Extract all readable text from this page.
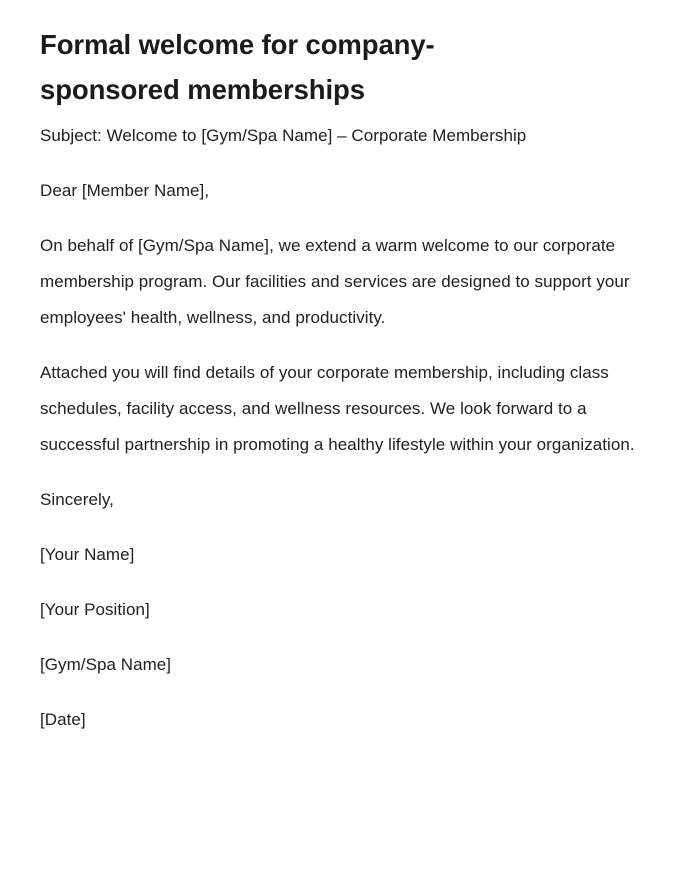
Formal welcome for company-sponsored memberships

Subject: Welcome to [Gym/Spa Name] – Corporate Membership

Dear [Member Name],

On behalf of [Gym/Spa Name], we extend a warm welcome to our corporate membership program. Our facilities and services are designed to support your employees' health, wellness, and productivity.

Attached you will find details of your corporate membership, including class schedules, facility access, and wellness resources. We look forward to a successful partnership in promoting a healthy lifestyle within your organization.

Sincerely,

[Your Name]

[Your Position]

[Gym/Spa Name]

[Date]
